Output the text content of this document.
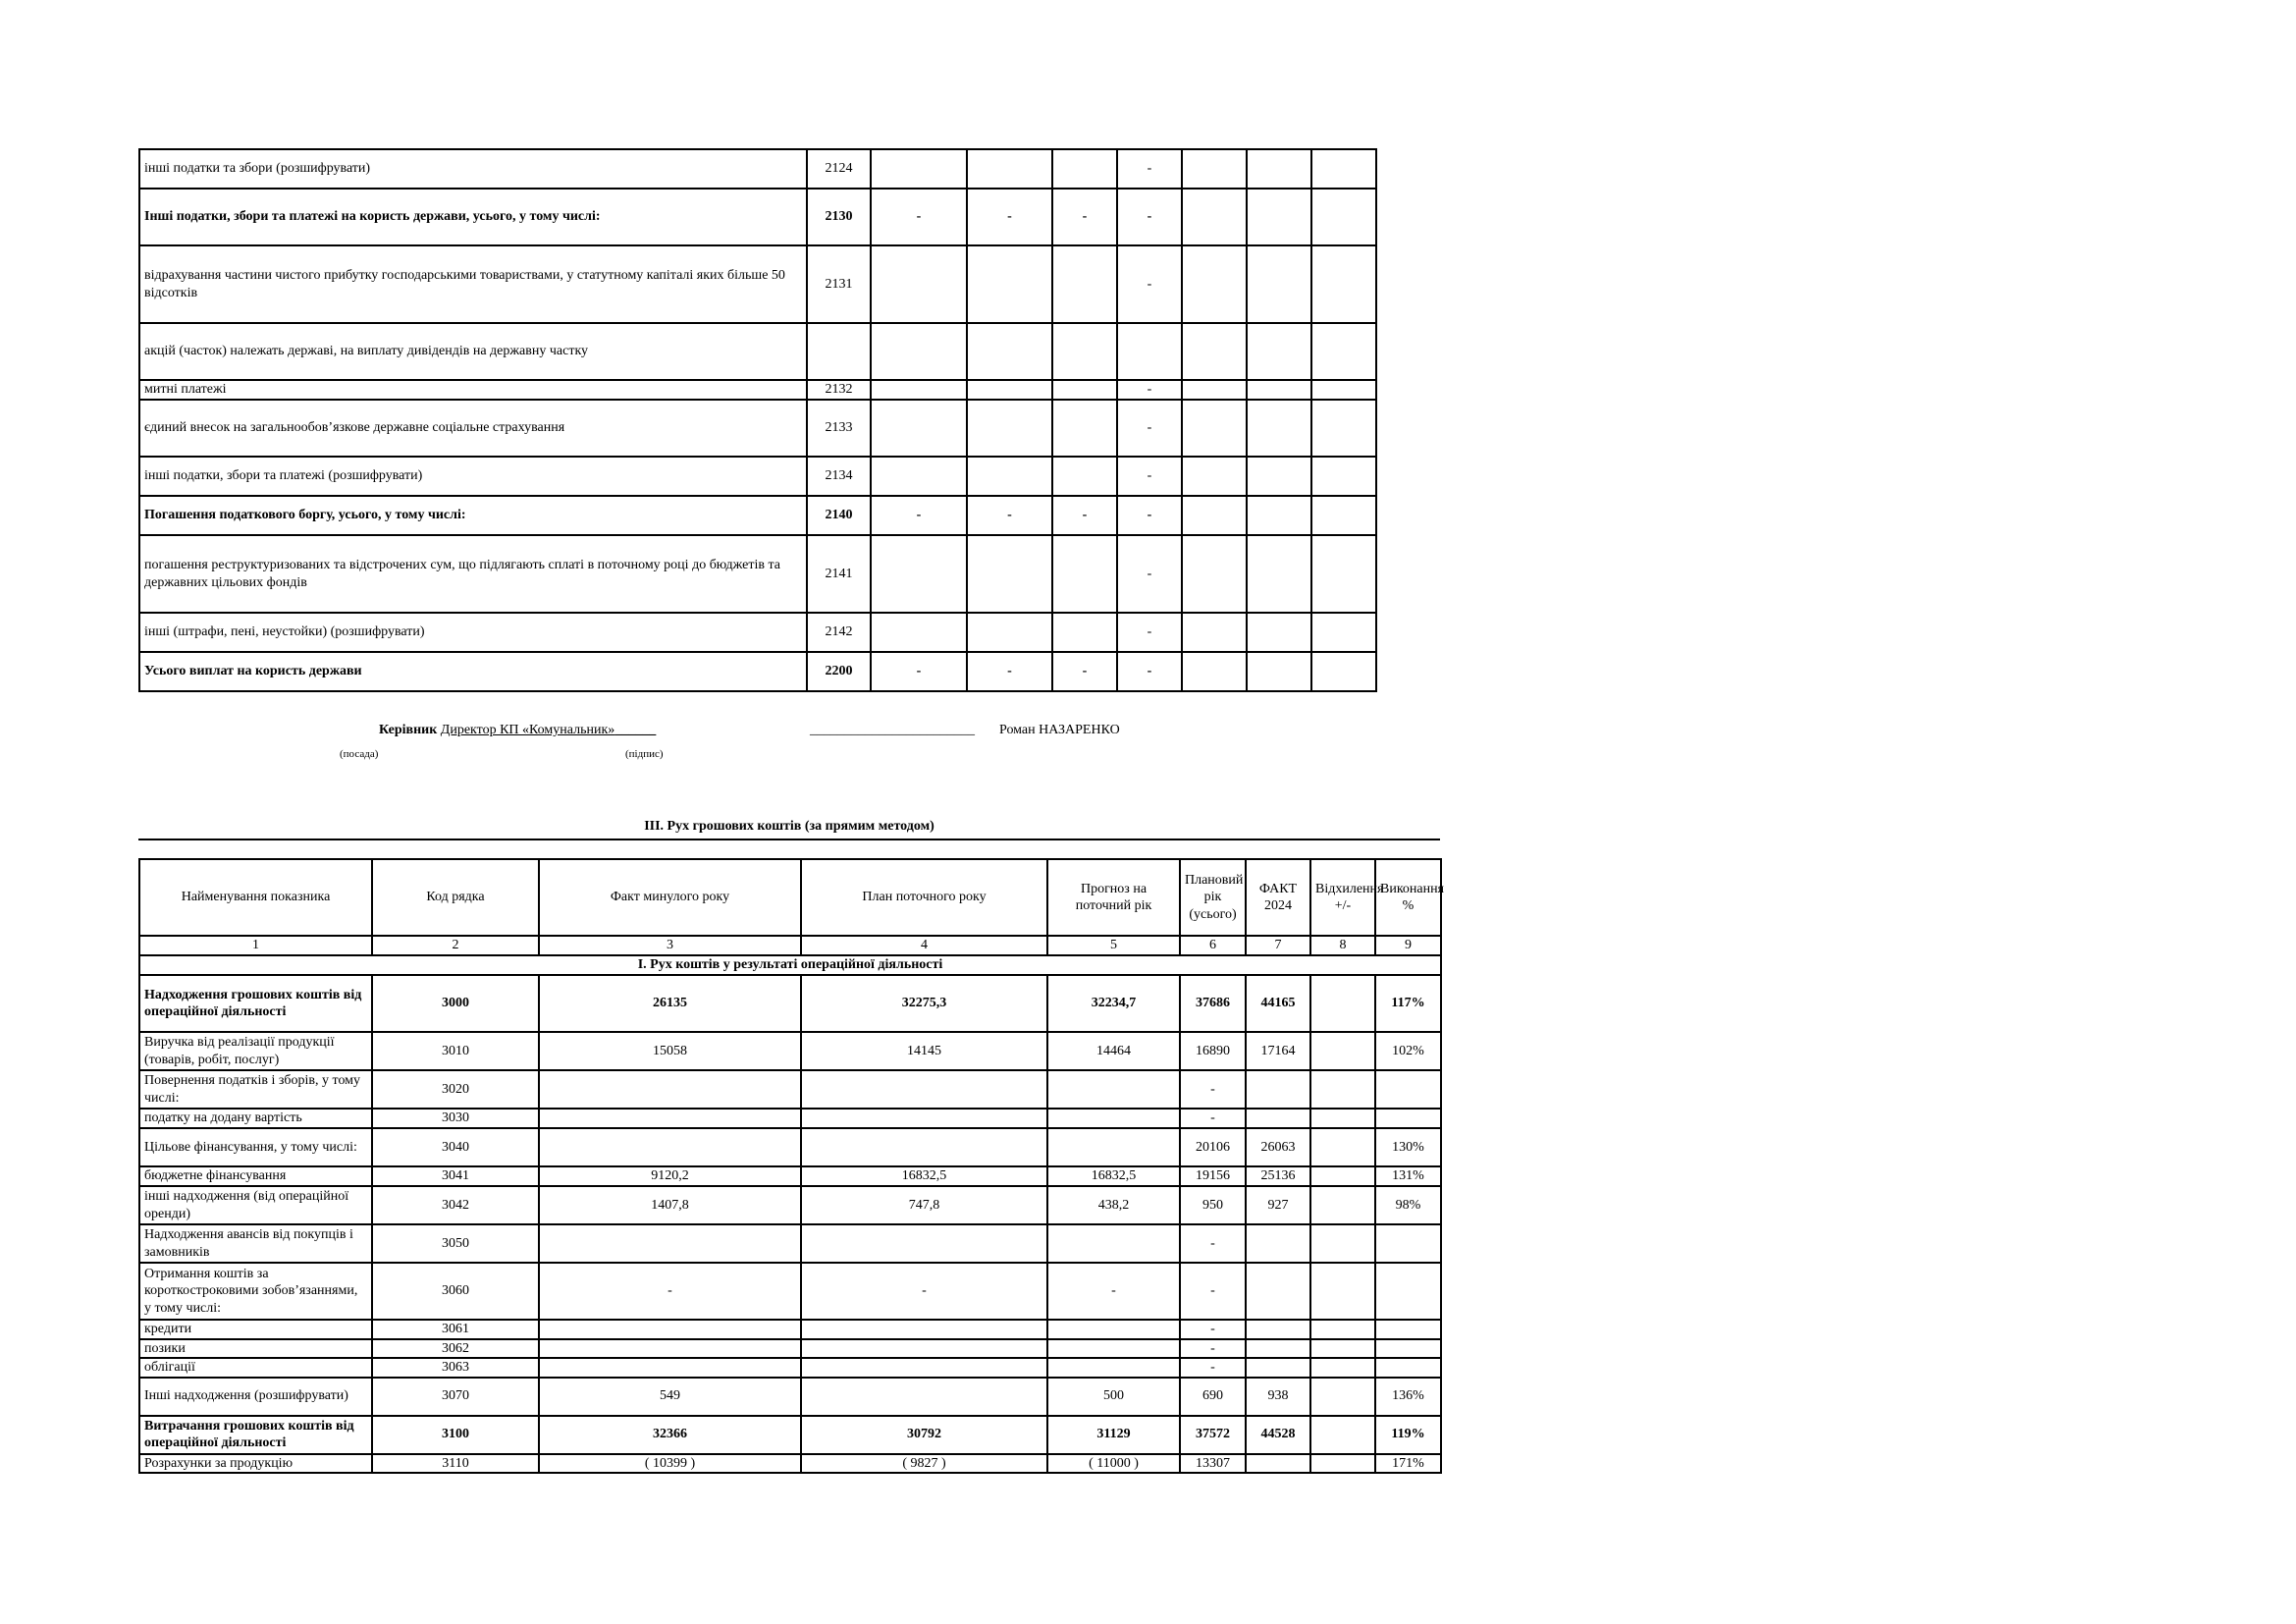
інші податки та збори (розшифрувати)	2124				-			
Інші податки, збори та платежі на користь держави, усього, у тому числі:	2130	-	-	-	-			
відрахування частини чистого прибутку господарськими товариствами, у статутному капіталі яких більше 50 відсотків	2131				-			
акцій (часток) належать державі, на виплату дивідендів на державну частку								
митні платежі	2132				-			
єдиний внесок на загальнообов’язкове державне соціальне страхування	2133				-			
інші податки, збори та платежі (розшифрувати)	2134				-			
Погашення податкового боргу, усього, у тому числі:	2140	-	-	-	-			
погашення реструктуризованих та відстрочених сум, що підлягають сплаті в поточному році до бюджетів та державних цільових фондів	2141				-			
інші (штрафи, пені, неустойки) (розшифрувати)	2142				-			
Усього виплат на користь держави	2200	-	-	-	-			
Керівник Директор КП «Комунальник»______	________________________ Роман НАЗАРЕНКО
(посада)	(підпис)
ІІІ. Рух грошових коштів (за прямим методом)
Найменування показника	Код рядка	Факт минулого року	План поточного року	Прогноз на поточний рік	Плановий рік (усього)	ФАКТ 2024	Відхилення +/-	Виконання %
1	2	3	4	5	6	7	8	9
І. Рух коштів у результаті операційної діяльності								
Надходження грошових коштів від операційної діяльності	3000	26135	32275,3	32234,7	37686	44165		117%
Виручка від реалізації продукції (товарів, робіт, послуг)	3010	15058	14145	14464	16890	17164		102%
Повернення податків і зборів, у тому числі:	3020				-			
податку на додану вартість	3030				-			
Цільове фінансування, у тому числі:	3040				20106	26063		130%
бюджетне фінансування	3041	9120,2	16832,5	16832,5	19156	25136		131%
інші надходження (від операційної оренди)	3042	1407,8	747,8	438,2	950	927		98%
Надходження авансів від покупців і замовників	3050				-			
Отримання коштів за короткостроковими зобов’язаннями, у тому числі:	3060	-	-	-	-			
кредити	3061				-			
позики	3062				-			
облігації	3063				-			
Інші надходження (розшифрувати)	3070	549		500	690	938		136%
Витрачання грошових коштів від операційної діяльності	3100	32366	30792	31129	37572	44528		119%
Розрахунки за продукцію	3110	( 10399 )	( 9827 )	( 11000 )	13307			171%
